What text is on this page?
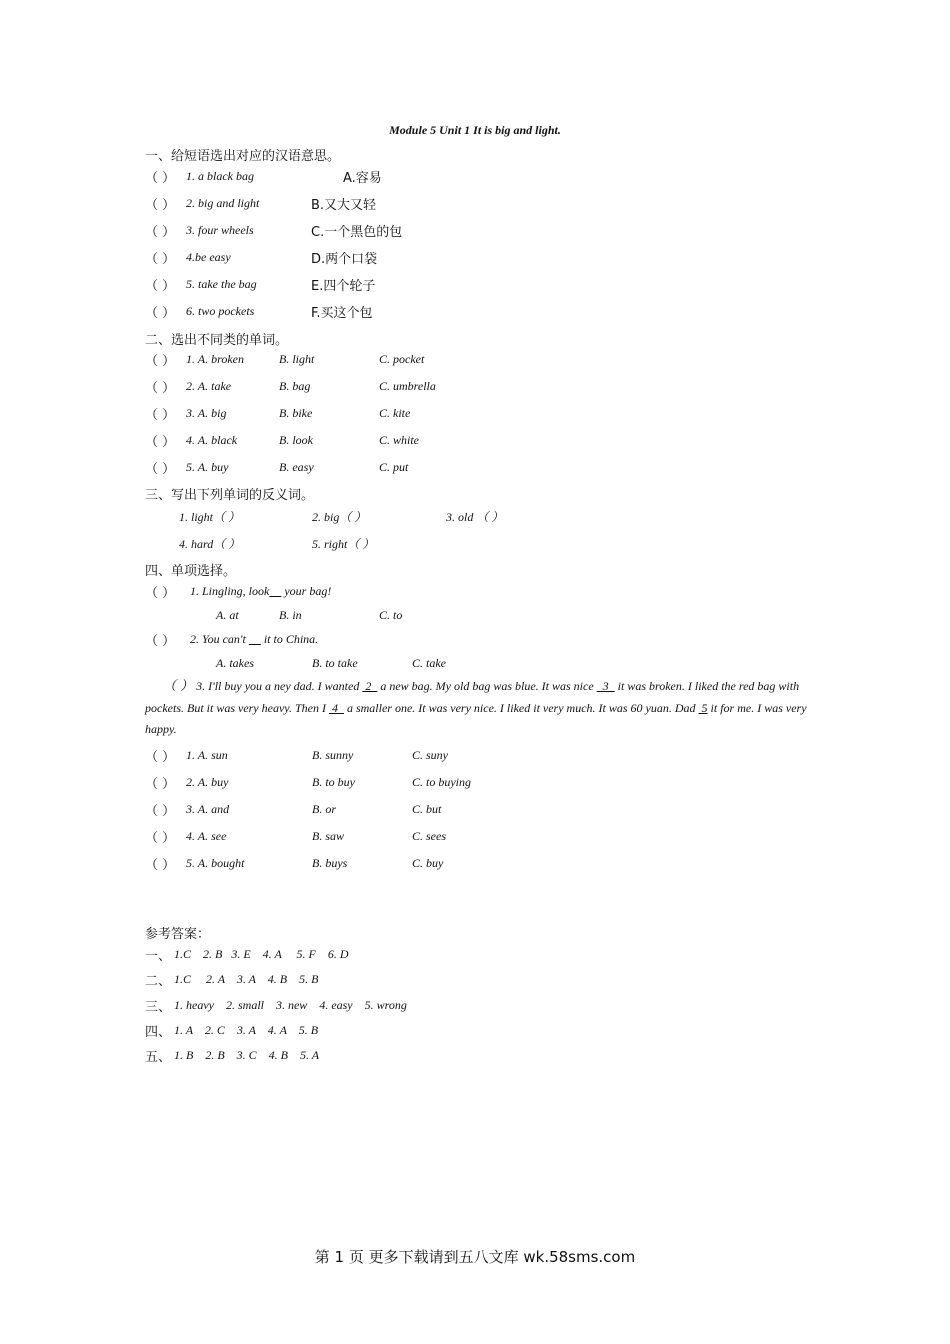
Module 5 Unit 1 It is big and light.
一、给短语选出对应的汉语意思。
（ ） 1. a black bag	A.容易
（ ） 2. big and light	B.又大又轻
（ ） 3. four wheels	C.一个黑色的包
（ ） 4.be easy	D.两个口袋
（ ） 5. take the bag	E.四个轮子
（ ） 6. two pockets	F.买这个包
二、选出不同类的单词。
（ ） 1. A. broken	B. light	C. pocket
（ ） 2. A. take	B. bag	C. umbrella
（ ） 3. A. big	B. bike	C. kite
（ ） 4. A. black	B. look	C. white
（ ） 5. A. buy	B. easy	C. put
三、写出下列单词的反义词。
1. light（ ）	2. big（ ）	3. old （ ）
4. hard（ ）	5. right（ ）
四、单项选择。
（ ） 1. Lingling, look     your bag!
A. at	B. in	C. to
（ ） 2. You can't      it to China.
A. takes	B. to take	C. take
（ ） 3. I'll buy you a ney dad. I wanted  2   a new bag. My old bag was blue. It was nice   3   it was broken. I liked the red bag with pockets. But it was very heavy. Then I  4   a smaller one. It was very nice. I liked it very much. It was 60 yuan. Dad  5 it for me. I was very happy.
（ ） 1. A. sun	B. sunny	C. suny
（ ） 2. A. buy	B. to buy	C. to buying
（ ） 3. A. and	B. or	C. but
（ ） 4. A. see	B. saw	C. sees
（ ） 5. A. bought	B. buys	C. buy
参考答案：
一、 1.C    2. B   3. E    4. A     5. F    6. D
二、 1.C     2. A    3. A    4. B    5. B
三、 1. heavy    2. small    3. new    4. easy    5. wrong
四、 1. A    2. C    3. A    4. A    5. B
五、 1. B    2. B    3. C    4. B    5. A
第 1 页 更多下载请到五八文库 wk.58sms.com
